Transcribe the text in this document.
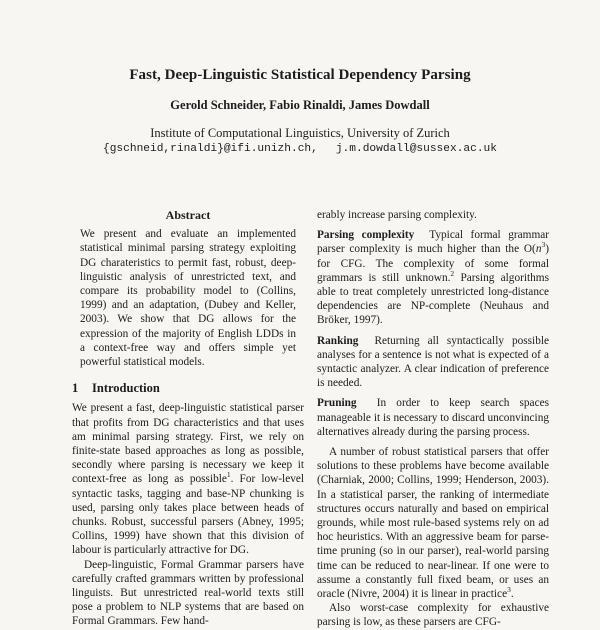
Fast, Deep-Linguistic Statistical Dependency Parsing
Gerold Schneider, Fabio Rinaldi, James Dowdall
Institute of Computational Linguistics, University of Zurich
{gschneid,rinaldi}@ifi.unizh.ch, j.m.dowdall@sussex.ac.uk
Abstract

We present and evaluate an implemented statistical minimal parsing strategy exploiting DG charateristics to permit fast, robust, deep-linguistic analysis of unrestricted text, and compare its probability model to (Collins, 1999) and an adaptation, (Dubey and Keller, 2003). We show that DG allows for the expression of the majority of English LDDs in a context-free way and offers simple yet powerful statistical models.

1 Introduction

We present a fast, deep-linguistic statistical parser that profits from DG characteristics and that uses am minimal parsing strategy. First, we rely on finite-state based approaches as long as possible, secondly where parsing is necessary we keep it context-free as long as possible$^1$. For low-level syntactic tasks, tagging and base-NP chunking is used, parsing only takes place between heads of chunks. Robust, successful parsers (Abney, 1995; Collins, 1999) have shown that this division of labour is particularly attractive for DG.

Deep-linguistic, Formal Grammar parsers have carefully crafted grammars written by professional linguists. But unrestricted real-world texts still pose a problem to NLP systems that are based on Formal Grammars. Few hand-

erably increase parsing complexity.

Parsing complexity Typical formal grammar parser complexity is much higher than the $O(n^3)$ for CFG. The complexity of some formal grammars is still unknown.$^2$ Parsing algorithms able to treat completely unrestricted long-distance dependencies are NP-complete (Neuhaus and Bröker, 1997).

Ranking Returning all syntactically possible analyses for a sentence is not what is expected of a syntactic analyzer. A clear indication of preference is needed.

Pruning In order to keep search spaces manageable it is necessary to discard unconvincing alternatives already during the parsing process.

A number of robust statistical parsers that offer solutions to these problems have become available (Charniak, 2000; Collins, 1999; Henderson, 2003). In a statistical parser, the ranking of intermediate structures occurs naturally and based on empirical grounds, while most rule-based systems rely on ad hoc heuristics. With an aggressive beam for parse-time pruning (so in our parser), real-world parsing time can be reduced to near-linear. If one were to assume a constantly full fixed beam, or uses an oracle (Nivre, 2004) it is linear in practice$^3$.

Also worst-case complexity for exhaustive parsing is low, as these parsers are CFG-
